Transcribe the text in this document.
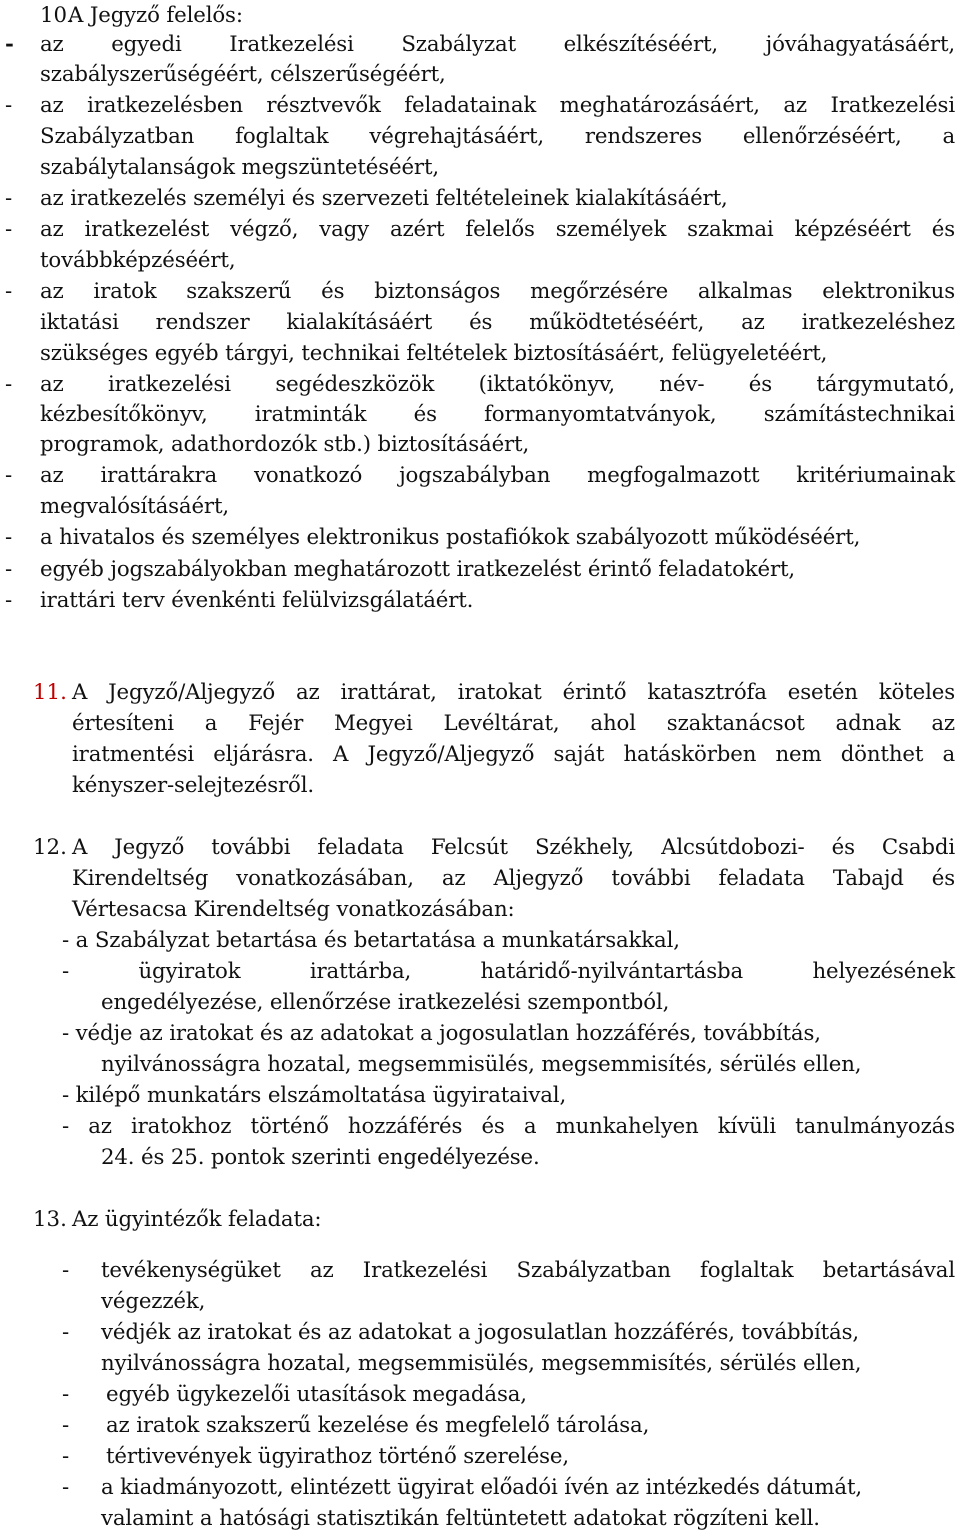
10.
A Jegyző felelős:
- az egyedi Iratkezelési Szabályzat elkészítéséért, jóváhagyatásáért,
szabályszerűségéért, célszerűségéért,
- az iratkezelésben résztvevők feladatainak meghatározásáért, az Iratkezelési
Szabályzatban foglaltak végrehajtásáért, rendszeres ellenőrzéséért, a
szabálytalanságok megszüntetéséért,
- az iratkezelés személyi és szervezeti feltételeinek kialakításáért,
- az iratkezelést végző, vagy azért felelős személyek szakmai képzéséért és
továbbképzéséért,
- az iratok szakszerű és biztonságos megőrzésére alkalmas elektronikus
iktatási rendszer kialakításáért és működtetéséért, az iratkezeléshez
szükséges egyéb tárgyi, technikai feltételek biztosításáért, felügyeletéért,
- az iratkezelési segédeszközök (iktatókönyv, név- és tárgymutató,
kézbesítőkönyv, iratminták és formanyomtatványok, számítástechnikai
programok, adathordozók stb.) biztosításáért,
- az irattárakra vonatkozó jogszabályban megfogalmazott kritériumainak
megvalósításáért,
- a hivatalos és személyes elektronikus postafiókok szabályozott működéséért,
- egyéb jogszabályokban meghatározott iratkezelést érintő feladatokért,
- irattári terv évenkénti felülvizsgálatáért.
11. A Jegyző/Aljegyző az irattárat, iratokat érintő katasztrófa esetén köteles
értesíteni a Fejér Megyei Levéltárat, ahol szaktanácsot adnak az
iratmentési eljárásra. A Jegyző/Aljegyző saját hatáskörben nem dönthet a
kényszer-selejtezésről.
12. A Jegyző további feladata Felcsút Székhely, Alcsútdobozi- és Csabdi
Kirendeltség vonatkozásában, az Aljegyző további feladata Tabajd és
Vértesacsa Kirendeltség vonatkozásában:
- a Szabályzat betartása és betartatása a munkatársakkal,
- ügyiratok irattárba, határidő-nyilvántartásba helyezésének
engedélyezése, ellenőrzése iratkezelési szempontból,
- védje az iratokat és az adatokat a jogosulatlan hozzáférés, továbbítás,
nyilvánosságra hozatal, megsemmisülés, megsemmisítés, sérülés ellen,
- kilépő munkatárs elszámoltatása ügyirataival,
- az iratokhoz történő hozzáférés és a munkahelyen kívüli tanulmányozás
24. és 25. pontok szerinti engedélyezése.
13. Az ügyintézők feladata:
- tevékenységüket az Iratkezelési Szabályzatban foglaltak betartásával
végezzék,
- védjék az iratokat és az adatokat a jogosulatlan hozzáférés, továbbítás,
nyilvánosságra hozatal, megsemmisülés, megsemmisítés, sérülés ellen,
- egyéb ügykezelői utasítások megadása,
- az iratok szakszerű kezelése és megfelelő tárolása,
- tértivevények ügyirathoz történő szerelése,
- a kiadmányozott, elintézett ügyirat előadói ívén az intézkedés dátumát,
valamint a hatósági statisztikán feltüntetett adatokat rögzíteni kell.
